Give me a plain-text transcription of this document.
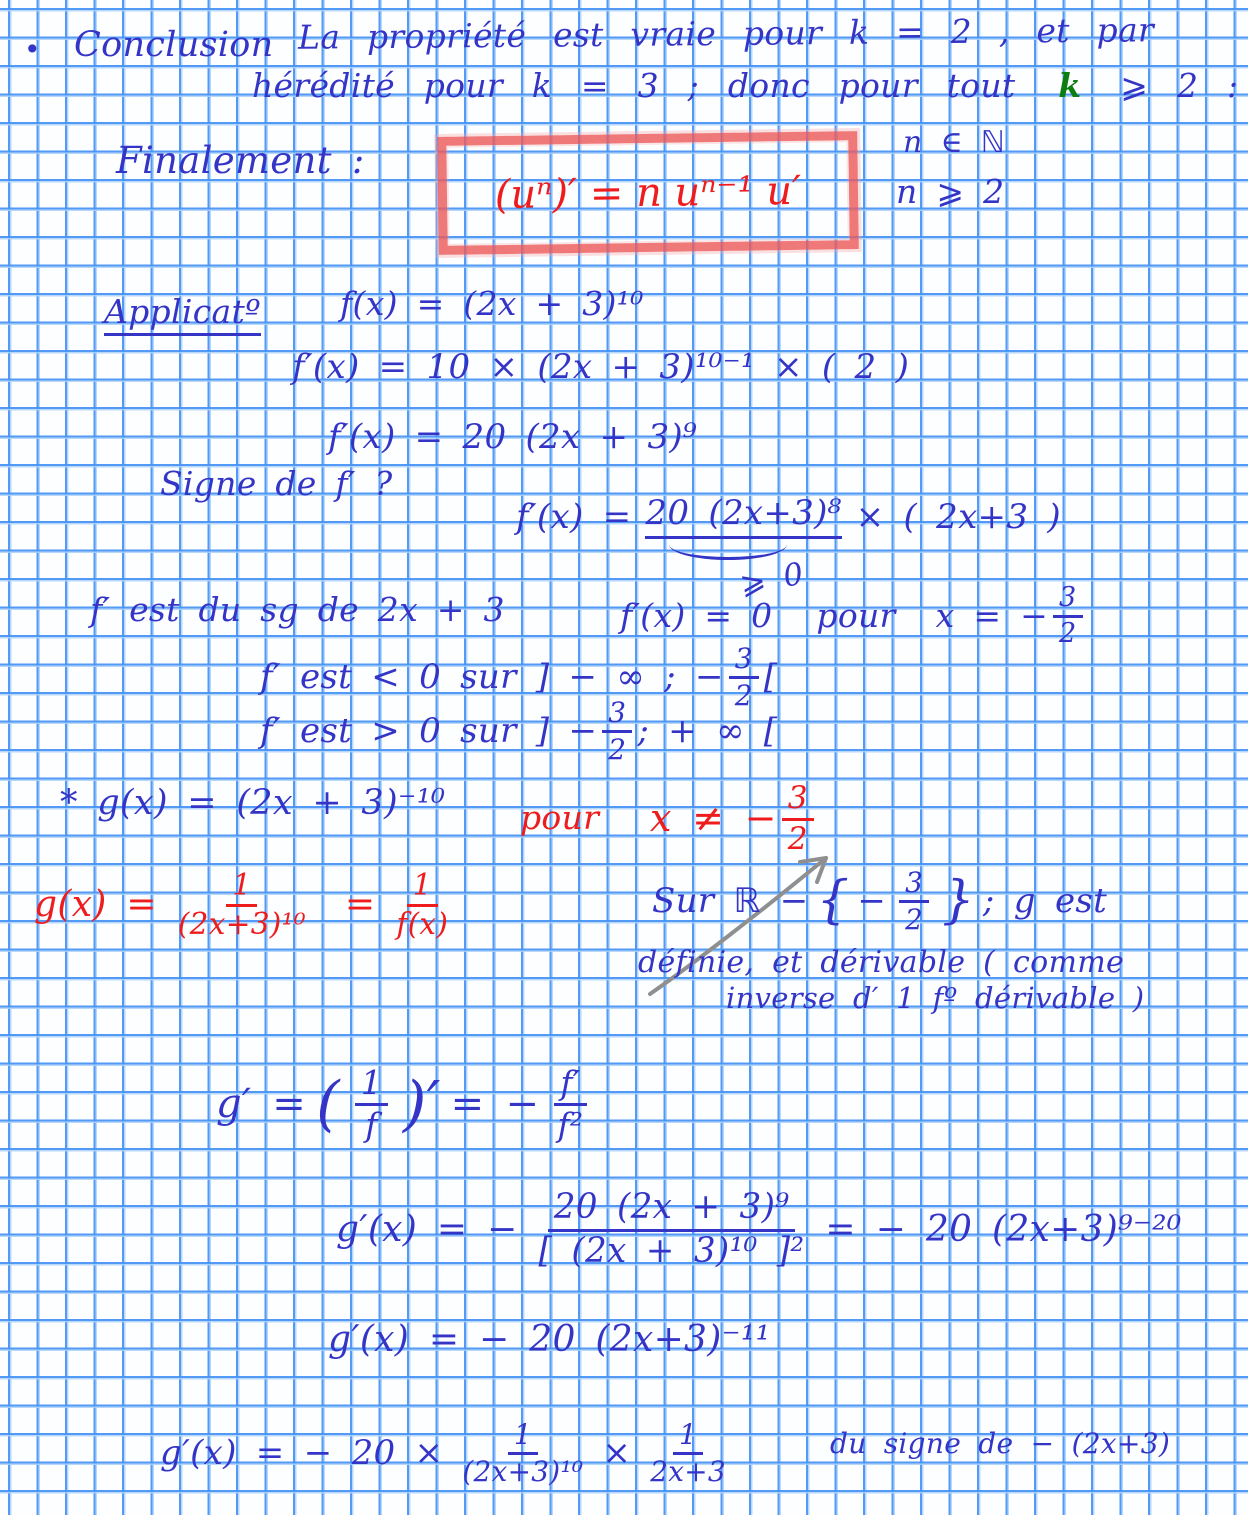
• Conclusion La propriété est vraie pour k = 2 , et par
hérédité pour k = 3 ; donc pour tout k ⩾ 2 :
Finalement :
(uⁿ)′ = n uⁿ⁻¹ u′
n ∈ ℕ
n ⩾ 2
Applicatº f(x) = (2x + 3)¹⁰
f′(x) = 10 × (2x + 3)¹⁰⁻¹ × ( 2 )
f′(x) = 20 (2x + 3)⁹
Signe de f′ ?
$f'(x) = \frac{\text{20 (2x+3)⁸}}{⩾ 0}$ × ( 2x+3 )
f′ est du sg de 2x + 3	f′(x) = 0 pour x = − $\frac{3}{2}$
f′ est < 0 sur ] − ∞ ; − $\frac{3}{2}$ [
f′ est > 0 sur ] − $\frac{3}{2}$ ; + ∞ [
* g(x) = (2x + 3)⁻¹⁰ pour x ≠ − $\frac{3}{2}$
$g(x) = \frac{1}{\text{(2x+3)¹⁰}} = \frac{1}{f(x)}$	Sur ℝ − { − $\frac{3}{2}$ } ; g est
définie, et dérivable ( comme
inverse d′ 1 fº dérivable )
g′ = ( $\frac{1}{f}$ )′ = − $\frac{f'}{\text{f²}}$
g′(x) = − $\frac{\text{20 (2x + 3)⁹}}{\text{[ (2x + 3)¹⁰ ]²}}$ = − 20 (2x+3)⁹⁻²⁰
g′(x) = − 20 (2x+3)⁻¹¹
g′(x) = − $20 \times \frac{1}{\text{(2x+3)¹⁰}} \times \frac{1}{2x+3}$	du signe de − (2x+3)
